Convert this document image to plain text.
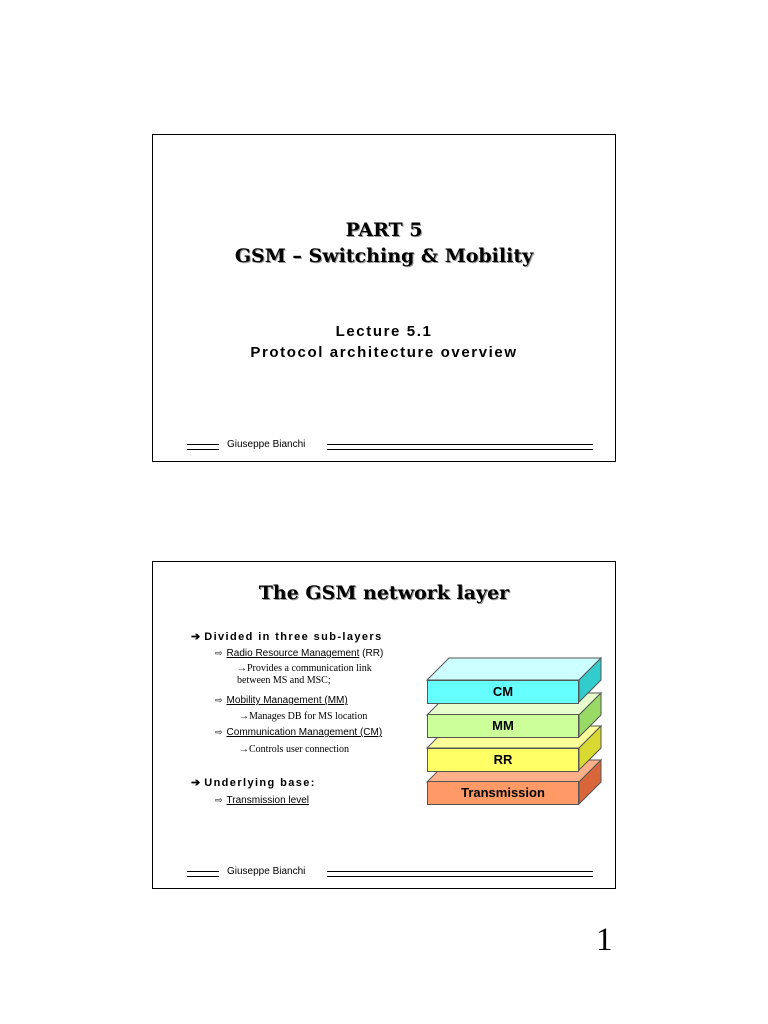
PART 5
GSM – Switching & Mobility
Lecture 5.1
Protocol architecture overview
Giuseppe Bianchi
The GSM network layer
➔ Divided in three sub-layers
⇨ Radio Resource Management (RR)
→Provides a communication link between MS and MSC;
⇨ Mobility Management (MM)
→Manages DB for MS location
⇨ Communication Management (CM)
→Controls user connection
➔ Underlying base:
⇨ Transmission level
CM
MM
RR
Transmission
Giuseppe Bianchi
1
